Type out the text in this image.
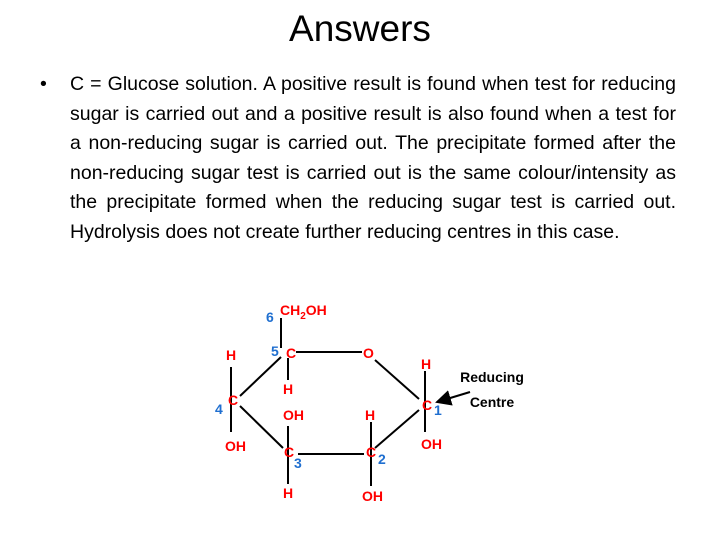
Answers
• C = Glucose solution. A positive result is found when test for reducing sugar is carried out and a positive result is also found when a test for a non-reducing sugar is carried out. The precipitate formed after the non-reducing sugar test is carried out is the same colour/intensity as the precipitate formed when the reducing sugar test is carried out. Hydrolysis does not create further reducing centres in this case.
$CH_2OH$
C	O
C
C
C
C
H
H
OH
OH
H
H
OH
H
OH
6
5
4
3	2
1
Reducing
Centre
